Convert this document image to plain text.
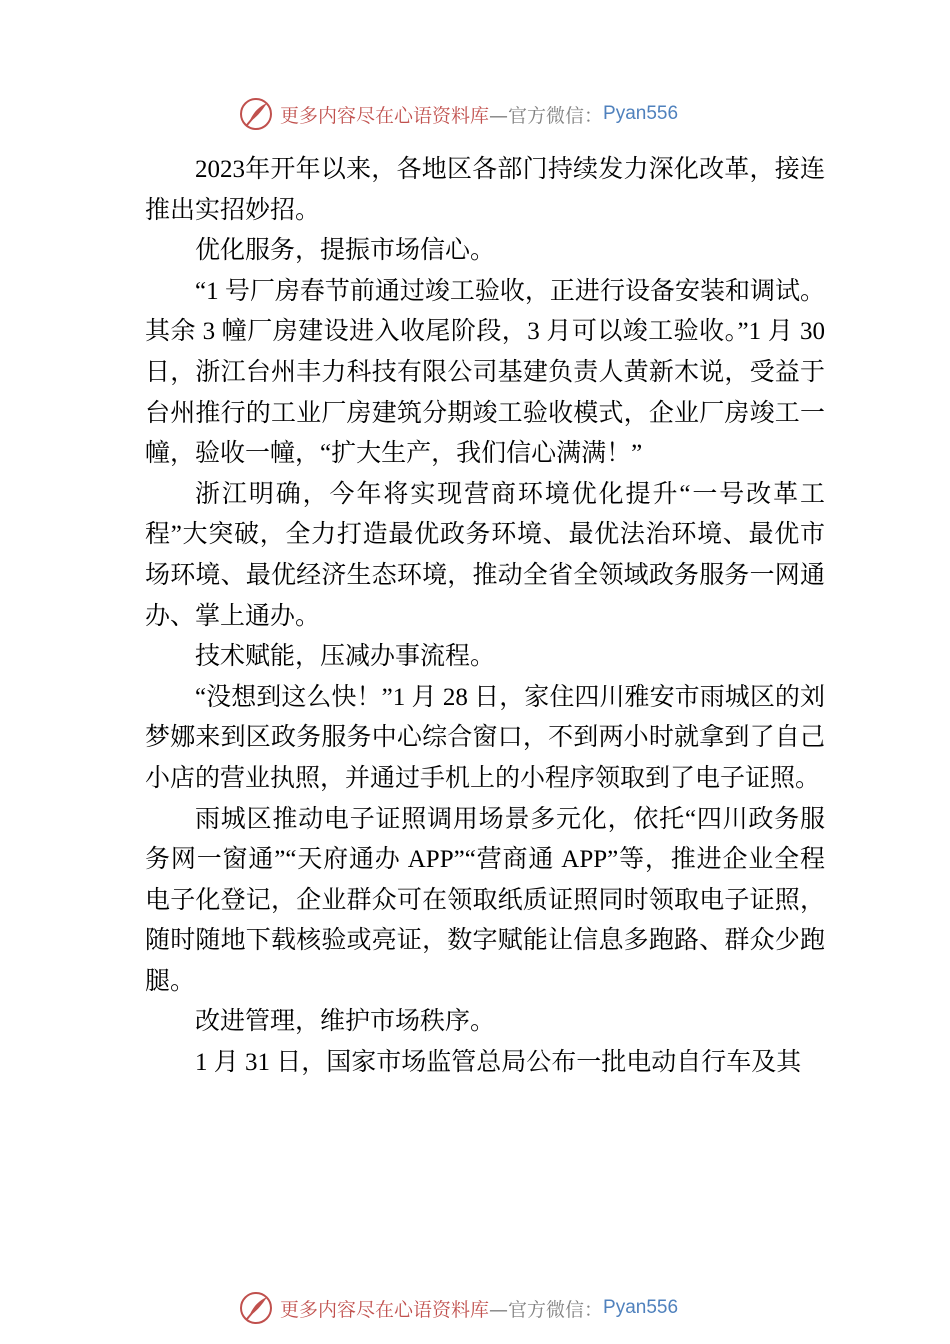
更多内容尽在心语资料库 —官方微信： Pyan556

2023年开年以来，各地区各部门持续发力深化改革，接连推出实招妙招。

优化服务，提振市场信心。

“1 号厂房春节前通过竣工验收，正进行设备安装和调试。其余 3 幢厂房建设进入收尾阶段，3 月可以竣工验收。”1 月 30 日，浙江台州丰力科技有限公司基建负责人黄新木说，受益于台州推行的工业厂房建筑分期竣工验收模式，企业厂房竣工一幢，验收一幢，“扩大生产，我们信心满满！”

浙江明确，今年将实现营商环境优化提升“一号改革工程”大突破，全力打造最优政务环境、最优法治环境、最优市场环境、最优经济生态环境，推动全省全领域政务服务一网通办、掌上通办。

技术赋能，压减办事流程。

“没想到这么快！”1 月 28 日，家住四川雅安市雨城区的刘梦娜来到区政务服务中心综合窗口，不到两小时就拿到了自己小店的营业执照，并通过手机上的小程序领取到了电子证照。

雨城区推动电子证照调用场景多元化，依托“四川政务服务网一窗通”“天府通办 APP”“营商通 APP”等，推进企业全程电子化登记，企业群众可在领取纸质证照同时领取电子证照，随时随地下载核验或亮证，数字赋能让信息多跑路、群众少跑腿。

改进管理，维护市场秩序。

1 月 31 日，国家市场监管总局公布一批电动自行车及其

更多内容尽在心语资料库 —官方微信： Pyan556
